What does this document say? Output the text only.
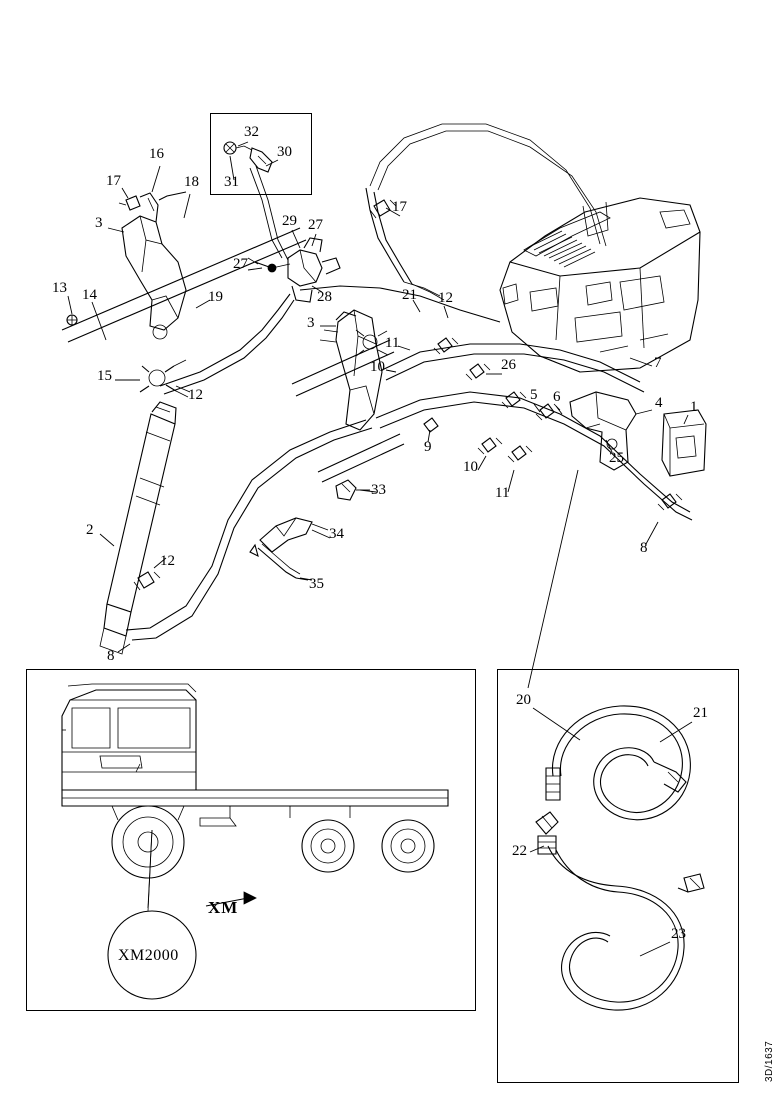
XM
XM2000
1
2
3
3
4
5 6
7
8
8
9
10
10
11
11
12
12
12
13 14
15
16
17
17
18
19
20
21
21
22
23
25
26
27
27
28
29
30
31
32
33
34
35
3D/1637
